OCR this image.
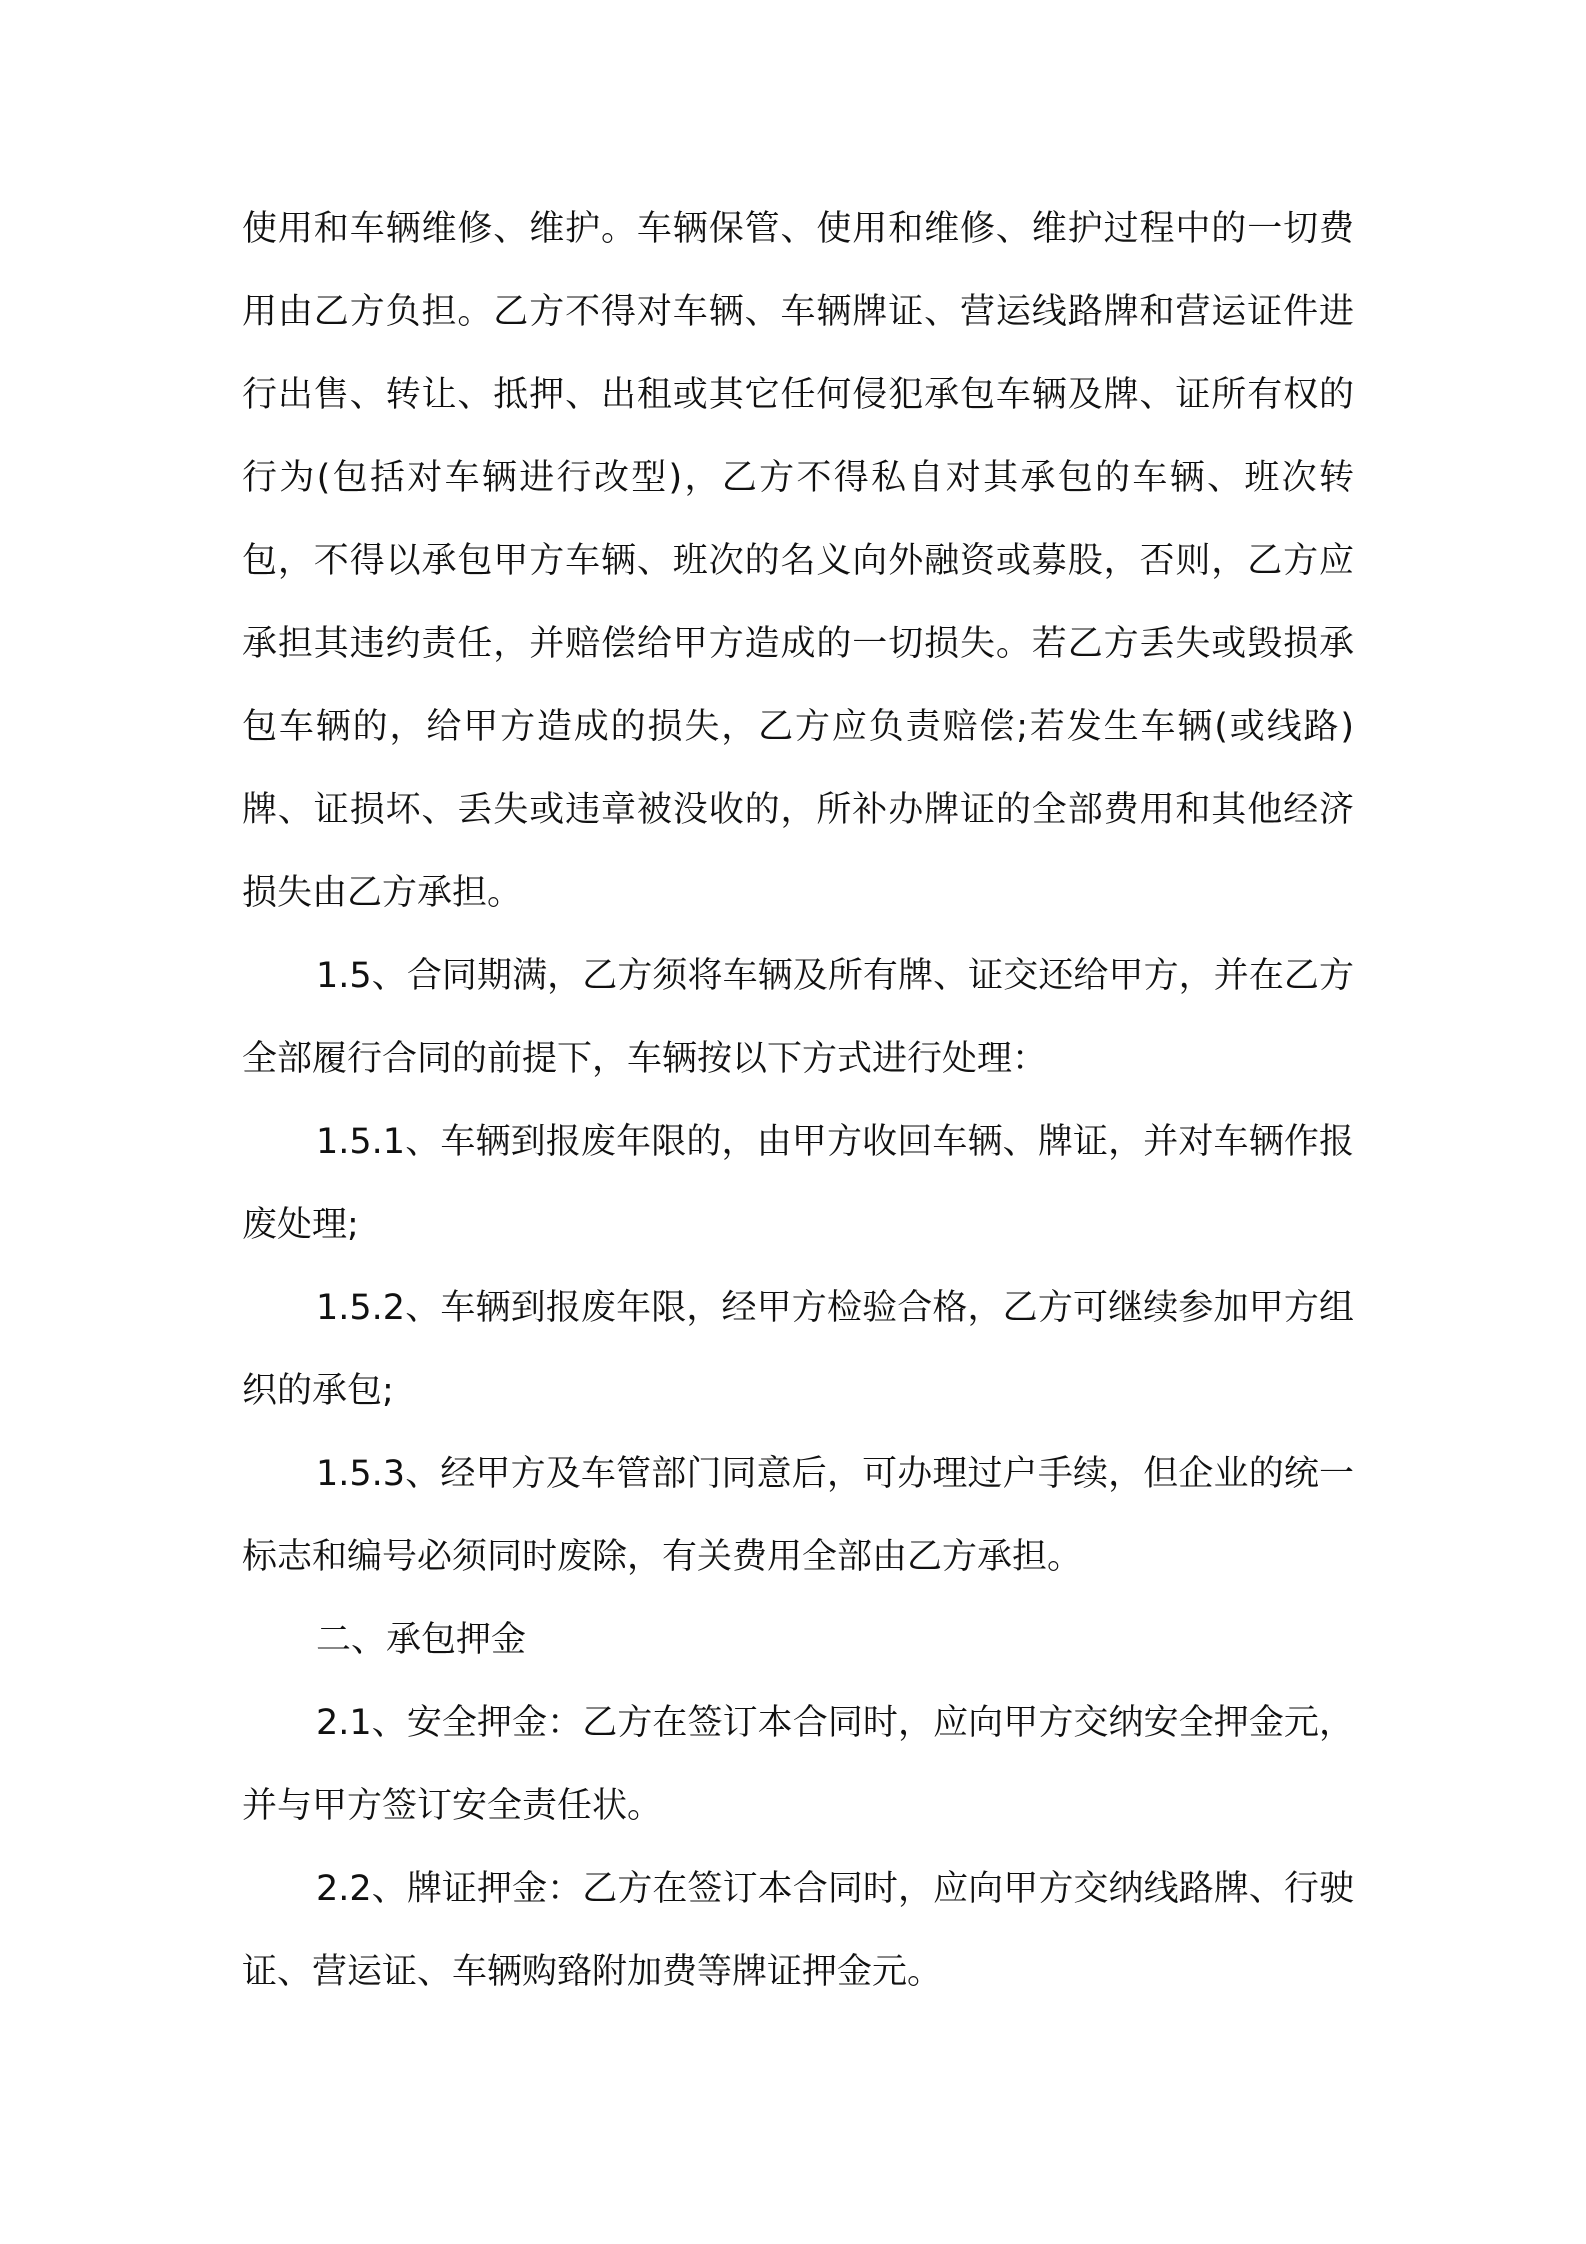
使用和车辆维修、维护。车辆保管、使用和维修、维护过程中的一切费用由乙方负担。乙方不得对车辆、车辆牌证、营运线路牌和营运证件进行出售、转让、抵押、出租或其它任何侵犯承包车辆及牌、证所有权的行为(包括对车辆进行改型)，乙方不得私自对其承包的车辆、班次转包，不得以承包甲方车辆、班次的名义向外融资或募股，否则，乙方应承担其违约责任，并赔偿给甲方造成的一切损失。若乙方丢失或毁损承包车辆的，给甲方造成的损失，乙方应负责赔偿;若发生车辆(或线路)牌、证损坏、丢失或违章被没收的，所补办牌证的全部费用和其他经济损失由乙方承担。

1.5、合同期满，乙方须将车辆及所有牌、证交还给甲方，并在乙方全部履行合同的前提下，车辆按以下方式进行处理：

1.5.1、车辆到报废年限的，由甲方收回车辆、牌证，并对车辆作报废处理;

1.5.2、车辆到报废年限，经甲方检验合格，乙方可继续参加甲方组织的承包;

1.5.3、经甲方及车管部门同意后，可办理过户手续，但企业的统一标志和编号必须同时废除，有关费用全部由乙方承担。

二、承包押金

2.1、安全押金：乙方在签订本合同时，应向甲方交纳安全押金元，并与甲方签订安全责任状。

2.2、牌证押金：乙方在签订本合同时，应向甲方交纳线路牌、行驶证、营运证、车辆购臵附加费等牌证押金元。
